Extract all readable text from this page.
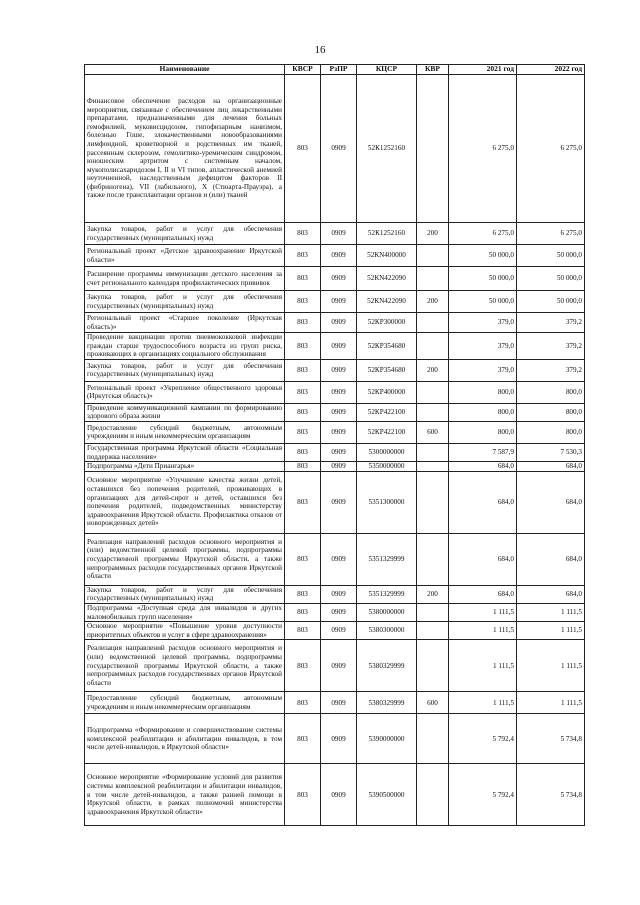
16
Наименование	КВСР	РзПР	КЦСР	КВР	2021 год	2022 год
Финансовое обеспечение расходов на организационные мероприятия, связанные с обеспечением лиц лекарственными препаратами, предназначенными для лечения больных гемофилией, муковисцидозом, гипофизарным нанизмом, болезнью Гоше, злокачественными новообразованиями лимфоидной, кроветворной и родственных им тканей, рассеянным склерозом, гемолитико-уремическим синдромом, юношеским артритом с системным началом, мукополисахаридозом I, II и VI типов, апластической анемией неуточненной, наследственным дефицитом факторов II (фибриногена), VII (лабильного), X (Стюарта-Прауэра), а также после трансплантации органов и (или) тканей	803	0909	52К1252160		6 275,0	6 275,0
Закупка товаров, работ и услуг для обеспечения государственных (муниципальных) нужд	803	0909	52К1252160	200	6 275,0	6 275,0
Региональный проект «Детское здравоохранение Иркутской области»	803	0909	52КN400000		50 000,0	50 000,0
Расширение программы иммунизации детского населения за счет регионального календаря профилактических прививок	803	0909	52КN422090		50 000,0	50 000,0
Закупка товаров, работ и услуг для обеспечения государственных (муниципальных) нужд	803	0909	52КN422090	200	50 000,0	50 000,0
Региональный проект «Старшее поколение (Иркутская область)»	803	0909	52КР300000		379,0	379,2
Проведение вакцинации против пневмококковой инфекции граждан старше трудоспособного возраста из групп риска, проживающих в организациях социального обслуживания	803	0909	52КР354680		379,0	379,2
Закупка товаров, работ и услуг для обеспечения государственных (муниципальных) нужд	803	0909	52КР354680	200	379,0	379,2
Региональный проект «Укрепление общественного здоровья (Иркутская область)»	803	0909	52КР400000		800,0	800,0
Проведение коммуникационной кампании по формированию здорового образа жизни	803	0909	52КР422100		800,0	800,0
Предоставление субсидий бюджетным, автономным учреждениям и иным некоммерческим организациям	803	0909	52КР422100	600	800,0	800,0
Государственная программа Иркутской области «Социальная поддержка населения»	803	0909	5300000000		7 587,9	7 530,3
Подпрограмма «Дети Приангарья»	803	0909	5350000000		684,0	684,0
Основное мероприятие «Улучшение качества жизни детей, оставшихся без попечения родителей, проживающих в организациях для детей-сирот и детей, оставшихся без попечения родителей, подведомственных министерству здравоохранения Иркутской области. Профилактика отказов от новорожденных детей»	803	0909	5351300000		684,0	684,0
Реализация направлений расходов основного мероприятия и (или) ведомственной целевой программы, подпрограммы государственной программы Иркутской области, а также непрограммных расходов государственных органов Иркутской области	803	0909	5351329999		684,0	684,0
Закупка товаров, работ и услуг для обеспечения государственных (муниципальных) нужд	803	0909	5351329999	200	684,0	684,0
Подпрограмма «Доступная среда для инвалидов и других маломобильных групп населения»	803	0909	5380000000		1 111,5	1 111,5
Основное мероприятие «Повышение уровня доступности приоритетных объектов и услуг в сфере здравоохранения»	803	0909	5380300000		1 111,5	1 111,5
Реализация направлений расходов основного мероприятия и (или) ведомственной целевой программы, подпрограммы государственной программы Иркутской области, а также непрограммных расходов государственных органов Иркутской области	803	0909	5380329999		1 111,5	1 111,5
Предоставление субсидий бюджетным, автономным учреждениям и иным некоммерческим организациям	803	0909	5380329999	600	1 111,5	1 111,5
Подпрограмма «Формирование и совершенствование системы комплексной реабилитации и абилитации инвалидов, в том числе детей-инвалидов, в Иркутской области»	803	0909	5390000000		5 792,4	5 734,8
Основное мероприятие «Формирование условий для развития системы комплексной реабилитации и абилитации инвалидов, в том числе детей-инвалидов, а также ранней помощи в Иркутской области, в рамках полномочий министерства здравоохранения Иркутской области»	803	0909	5390500000		5 792,4	5 734,8
